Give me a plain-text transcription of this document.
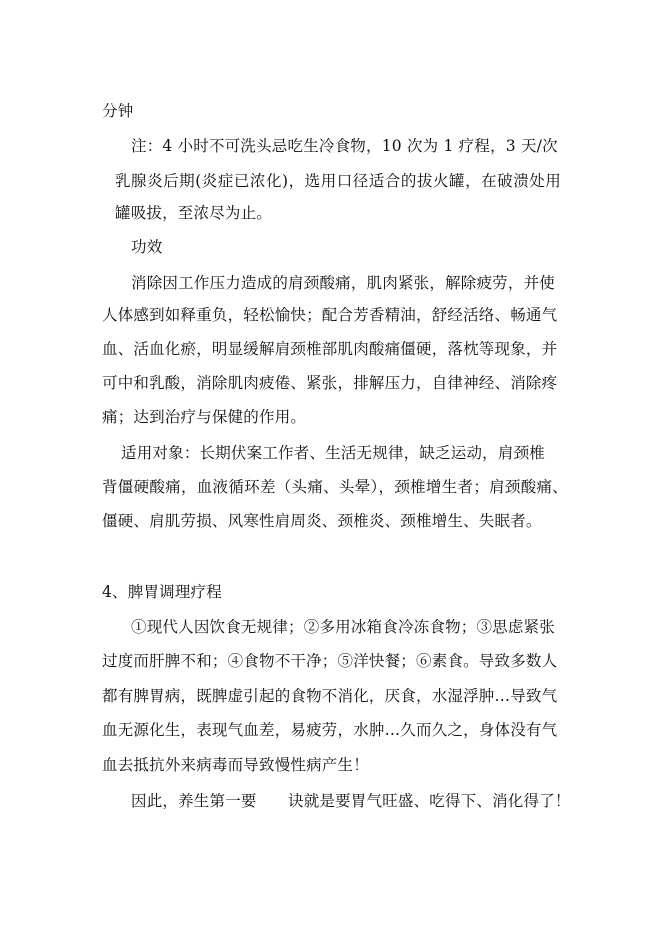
分钟
注：4 小时不可洗头忌吃生冷食物，10 次为 1 疗程，3 天/次
乳腺炎后期(炎症已浓化)，选用口径适合的拔火罐，在破溃处用
罐吸拔，至浓尽为止。
功效
消除因工作压力造成的肩颈酸痛，肌肉紧张，解除疲劳，并使
人体感到如释重负，轻松愉快；配合芳香精油，舒经活络、畅通气
血、活血化瘀，明显缓解肩颈椎部肌肉酸痛僵硬，落枕等现象，并
可中和乳酸，消除肌肉疲倦、紧张，排解压力，自律神经、消除疼
痛；达到治疗与保健的作用。
适用对象：长期伏案工作者、生活无规律，缺乏运动，肩颈椎
背僵硬酸痛，血液循环差（头痛、头晕），颈椎增生者；肩颈酸痛、
僵硬、肩肌劳损、风寒性肩周炎、颈椎炎、颈椎增生、失眠者。
4、脾胃调理疗程
①现代人因饮食无规律；②多用冰箱食冷冻食物；③思虑紧张
过度而肝脾不和；④食物不干净；⑤洋快餐；⑥素食。导致多数人
都有脾胃病，既脾虚引起的食物不消化，厌食，水湿浮肿…导致气
血无源化生，表现气血差，易疲劳，水肿…久而久之，身体没有气
血去抵抗外来病毒而导致慢性病产生！
因此，养生第一要　　诀就是要胃气旺盛、吃得下、消化得了！
